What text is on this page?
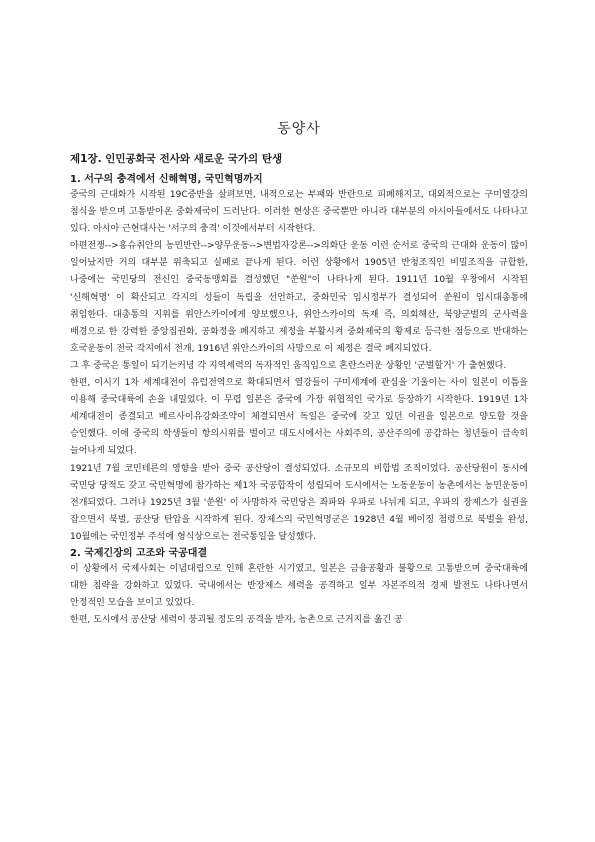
동양사
제1장. 인민공화국 전사와 새로운 국가의 탄생
1. 서구의 충격에서 신해혁명, 국민혁명까지

중국의 근대화가 시작된 19C중반을 살펴보면, 내적으로는 부패와 반란으로 피폐해지고, 대외적으로는 구미열강의 침식을 받으며 고통받아온 중화제국이 드러난다. 이러한 현상은 중국뿐만 아니라 대부분의 아시아들에서도 나타나고 있다. 아시아 근현대사는 '서구의 충격' 이것에서부터 시작한다.

아편전쟁-->홍슈취안의 농민반란-->양무운동-->변법자강론-->의화단 운동 이런 순서로 중국의 근대화 운동이 많이 일어났지만 거의 대부분 위축되고 실패로 끝나게 된다. 이런 상황에서 1905년 반청조직인 비밀조직을 규합한, 나중에는 국민당의 전신인 중국동맹회를 결성했던 "쑨원"이 나타나게 된다. 1911년 10월 우창에서 시작된 '신해혁명' 이 확산되고 각지의 성들이 독립을 선언하고, 중화민국 임시정부가 결성되어 쑨원이 임시대총통에 취임한다. 대총통의 지위를 위안스카이에게 양보했으나, 위안스카이의 독재 즉, 의회해산, 북양군벌의 군사력을 배경으로 한 강력한 중앙집권화, 공화정을 폐지하고 제정을 부활시켜 중화제국의 황제로 등극한 점등으로 반대하는 호국운동이 전국 각지에서 전개, 1916년 위안스카이의 사망으로 이 제정은 결국 폐지되었다.

그 후 중국은 통일이 되기는커녕 각 지역세력의 독자적인 움직임으로 혼란스러운 상황인 '군벌할거' 가 출현했다.

한편, 이시기 1차 세계대전이 유럽전역으로 확대되면서 열강들이 구미세계에 관심을 기울이는 사이 일본이 이틈을 이용해 중국대륙에 손을 내밀었다. 이 무렵 일본은 중국에 가장 위협적인 국가로 등장하기 시작한다. 1919년 1차 세계대전이 종결되고 베르사이유강화조약이 체결되면서 독일은 중국에 갖고 있던 이권을 일본으로 양도할 것을 승인했다. 이에 중국의 학생들이 항의시위를 벌이고 대도시에서는 사회주의, 공산주의에 공감하는 청년들이 급속히 늘어나게 되었다.

1921년 7월 코민테른의 영향을 받아 중국 공산당이 결성되었다. 소규모의 비합법 조직이었다. 공산당원이 동시에 국민당 당적도 갖고 국민혁명에 참가하는 제1차 국공합작이 성립되어 도시에서는 노동운동이 농촌에서는 농민운동이 전개되었다. 그러나 1925년 3월 '쑨원' 이 사망하자 국민당은 좌파와 우파로 나뉘게 되고, 우파의 장제스가 실권을 잡으면서 북벌, 공산당 탄압을 시작하게 된다. 장제스의 국민혁명군은 1928년 4월 베이징 점령으로 북벌을 완성, 10월에는 국민정부 주석에 형식상으로는 전국통일을 달성했다.

2. 국제긴장의 고조와 국공대결

이 상황에서 국제사회는 이념대립으로 인해 혼란한 시기였고, 일본은 금융공황과 불황으로 고통받으며 중국대륙에 대한 침략을 강화하고 있었다. 국내에서는 반장제스 세력을 공격하고 일부 자본주의적 경제 발전도 나타나면서 안정적인 모습을 보이고 있었다.

한편, 도시에서 공산당 세력이 붕괴될 정도의 공격을 받자, 농촌으로 근거지를 옮긴 공
